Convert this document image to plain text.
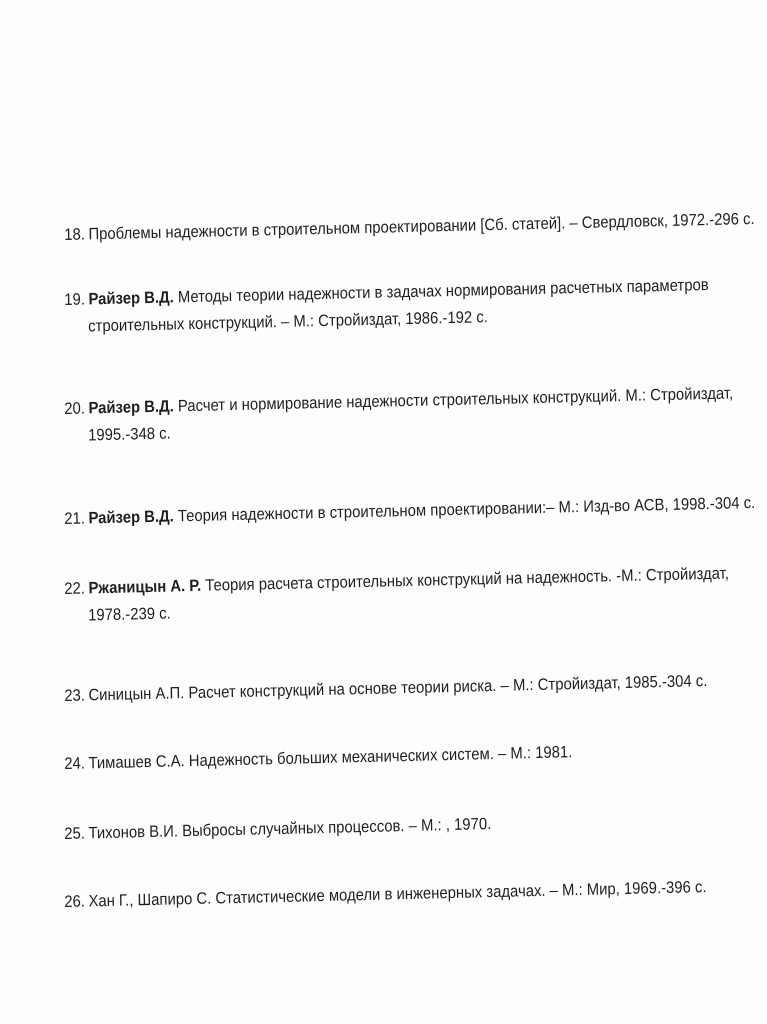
18. Проблемы надежности в строительном проектировании [Сб. статей]. – Свердловск, 1972.-296 с.
19. Райзер В.Д. Методы теории надежности в задачах нормирования расчетных параметров
строительных конструкций. – М.: Стройиздат, 1986.-192 с.
20. Райзер В.Д. Расчет и нормирование надежности строительных конструкций. М.: Стройиздат,
1995.-348 с.
21. Райзер В.Д. Теория надежности в строительном проектировании:– М.: Изд-во АСВ, 1998.-304 с.
22. Ржаницын А. Р. Теория расчета строительных конструкций на надежность. -М.: Стройиздат,
1978.-239 с.
23. Синицын А.П. Расчет конструкций на основе теории риска. – М.: Стройиздат, 1985.-304 с.
24. Тимашев С.А. Надежность больших механических систем. – М.: 1981.
25. Тихонов В.И. Выбросы случайных процессов. – М.: , 1970.
26. Хан Г., Шапиро С. Статистические модели в инженерных задачах. – М.: Мир, 1969.-396 с.
